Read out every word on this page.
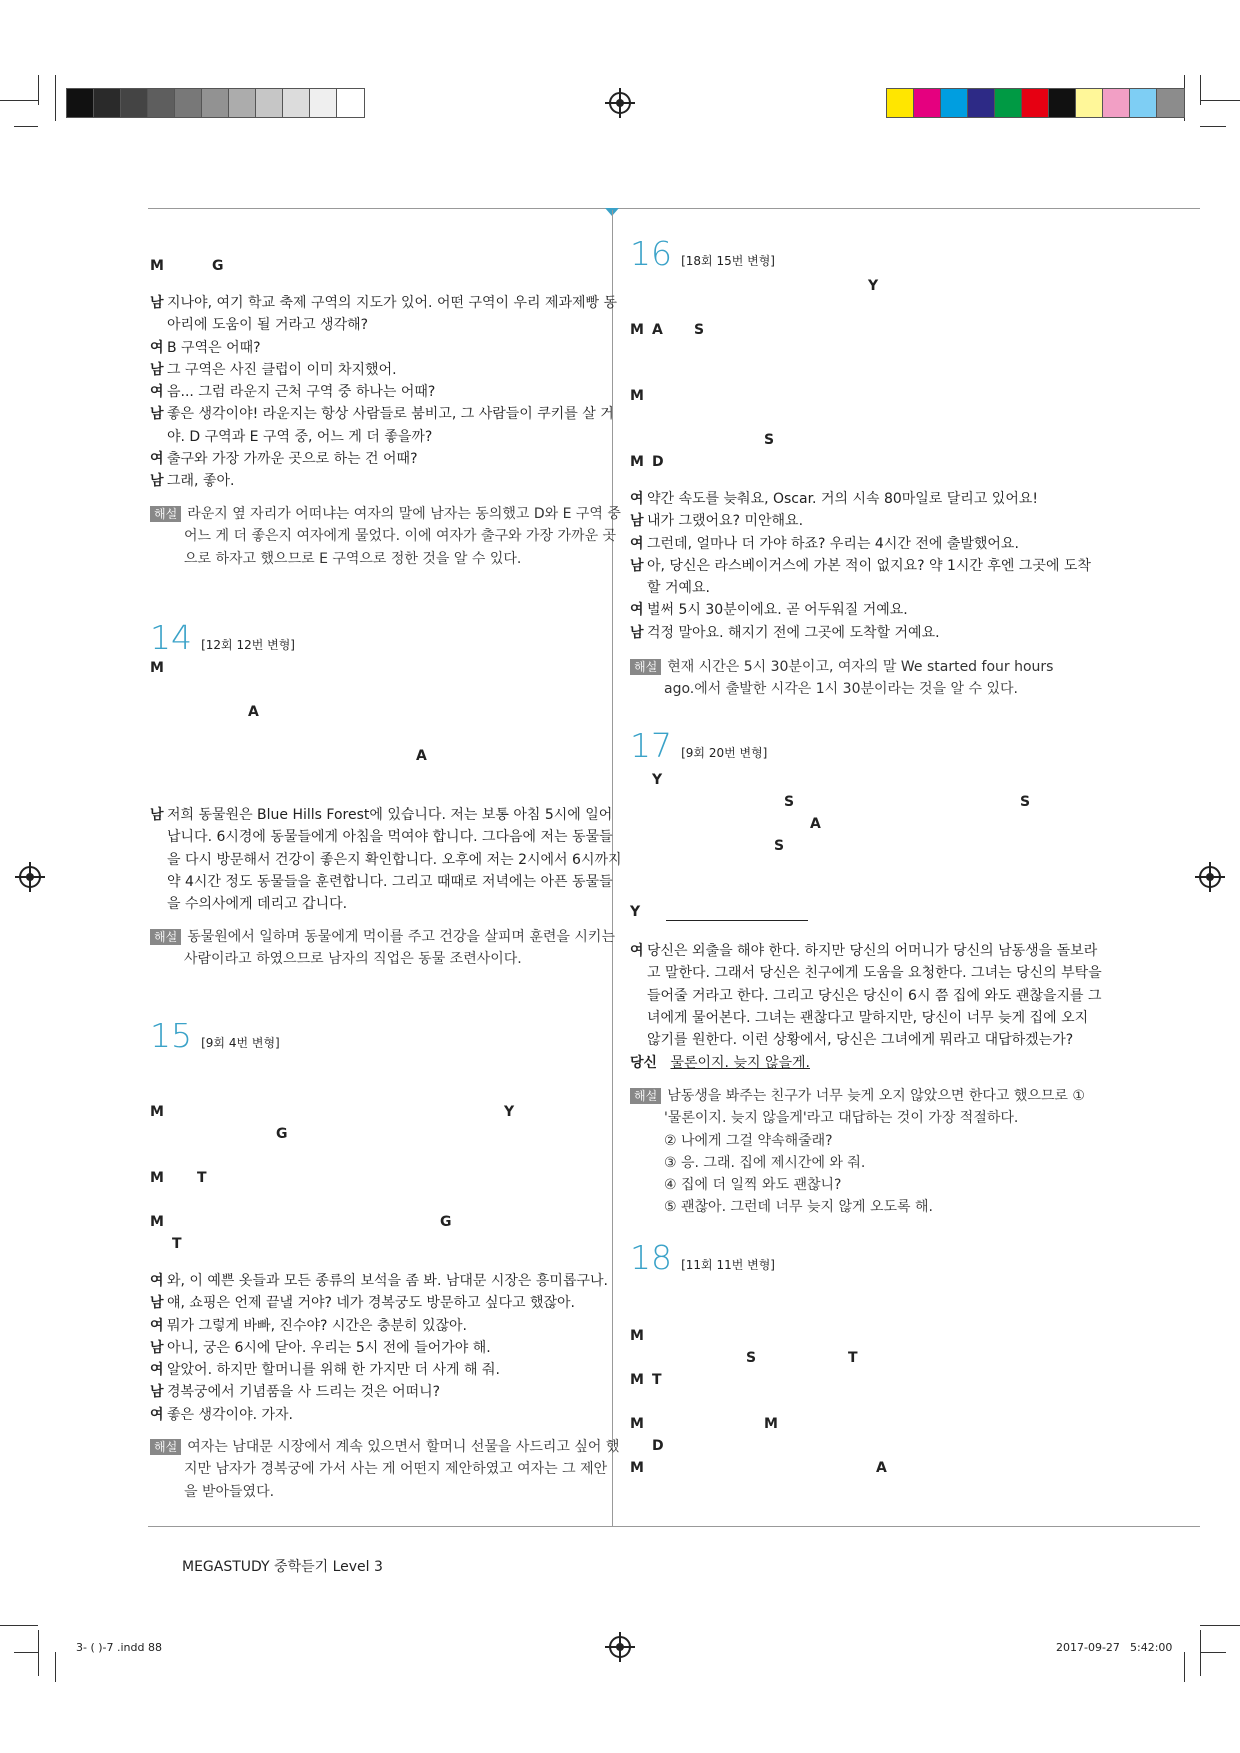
M	G
남 지나야, 여기 학교 축제 구역의 지도가 있어. 어떤 구역이 우리 제과제빵 동
아리에 도움이 될 거라고 생각해?
여 B 구역은 어때?
남 그 구역은 사진 클럽이 이미 차지했어.
여 음... 그럼 라운지 근처 구역 중 하나는 어때?
남 좋은 생각이야! 라운지는 항상 사람들로 붐비고, 그 사람들이 쿠키를 살 거
야. D 구역과 E 구역 중, 어느 게 더 좋을까?
여 출구와 가장 가까운 곳으로 하는 건 어때?
남 그래, 좋아.
해설 라운지 옆 자리가 어떠냐는 여자의 말에 남자는 동의했고 D와 E 구역 중
어느 게 더 좋은지 여자에게 물었다. 이에 여자가 출구와 가장 가까운 곳
으로 하자고 했으므로 E 구역으로 정한 것을 알 수 있다.
14 [12회 12번 변형]
M
A
A
남 저희 동물원은 Blue Hills Forest에 있습니다. 저는 보통 아침 5시에 일어
납니다. 6시경에 동물들에게 아침을 먹여야 합니다. 그다음에 저는 동물들
을 다시 방문해서 건강이 좋은지 확인합니다. 오후에 저는 2시에서 6시까지
약 4시간 정도 동물들을 훈련합니다. 그리고 때때로 저녁에는 아픈 동물들
을 수의사에게 데리고 갑니다.
해설 동물원에서 일하며 동물에게 먹이를 주고 건강을 살피며 훈련을 시키는
사람이라고 하였으므로 남자의 직업은 동물 조련사이다.
15 [9회 4번 변형]
M	Y
G
M T
M	G
T
여 와, 이 예쁜 옷들과 모든 종류의 보석을 좀 봐. 남대문 시장은 흥미롭구나.
남 얘, 쇼핑은 언제 끝낼 거야? 네가 경복궁도 방문하고 싶다고 했잖아.
여 뭐가 그렇게 바빠, 진수야? 시간은 충분히 있잖아.
남 아니, 궁은 6시에 닫아. 우리는 5시 전에 들어가야 해.
여 알았어. 하지만 할머니를 위해 한 가지만 더 사게 해 줘.
남 경복궁에서 기념품을 사 드리는 것은 어떠니?
여 좋은 생각이야. 가자.
해설 여자는 남대문 시장에서 계속 있으면서 할머니 선물을 사드리고 싶어 했
지만 남자가 경복궁에 가서 사는 게 어떤지 제안하였고 여자는 그 제안
을 받아들였다.
16 [18회 15번 변형]
Y
M A S
M
S
M D
여 약간 속도를 늦춰요, Oscar. 거의 시속 80마일로 달리고 있어요!
남 내가 그랬어요? 미안해요.
여 그런데, 얼마나 더 가야 하죠? 우리는 4시간 전에 출발했어요.
남 아, 당신은 라스베이거스에 가본 적이 없지요? 약 1시간 후엔 그곳에 도착
할 거예요.
여 벌써 5시 30분이에요. 곧 어두워질 거예요.
남 걱정 말아요. 해지기 전에 그곳에 도착할 거예요.
해설 현재 시간은 5시 30분이고, 여자의 말 We started four hours
ago.에서 출발한 시각은 1시 30분이라는 것을 알 수 있다.
17 [9회 20번 변형]
Y
S	S
A
S
Y
여 당신은 외출을 해야 한다. 하지만 당신의 어머니가 당신의 남동생을 돌보라
고 말한다. 그래서 당신은 친구에게 도움을 요청한다. 그녀는 당신의 부탁을
들어줄 거라고 한다. 그리고 당신은 당신이 6시 쯤 집에 와도 괜찮을지를 그
녀에게 물어본다. 그녀는 괜찮다고 말하지만, 당신이 너무 늦게 집에 오지
않기를 원한다. 이런 상황에서, 당신은 그녀에게 뭐라고 대답하겠는가?
당신 물론이지. 늦지 않을게.
해설 남동생을 봐주는 친구가 너무 늦게 오지 않았으면 한다고 했으므로 ①
'물론이지. 늦지 않을게'라고 대답하는 것이 가장 적절하다.
② 나에게 그걸 약속해줄래?
③ 응. 그래. 집에 제시간에 와 줘.
④ 집에 더 일찍 와도 괜찮니?
⑤ 괜찮아. 그런데 너무 늦지 않게 오도록 해.
18 [11회 11번 변형]
M
S	T
M T
M	M
D
M	A
MEGASTUDY 중학듣기 Level 3
3- ( )-7 .indd 88	2017-09-27 5:42:00
